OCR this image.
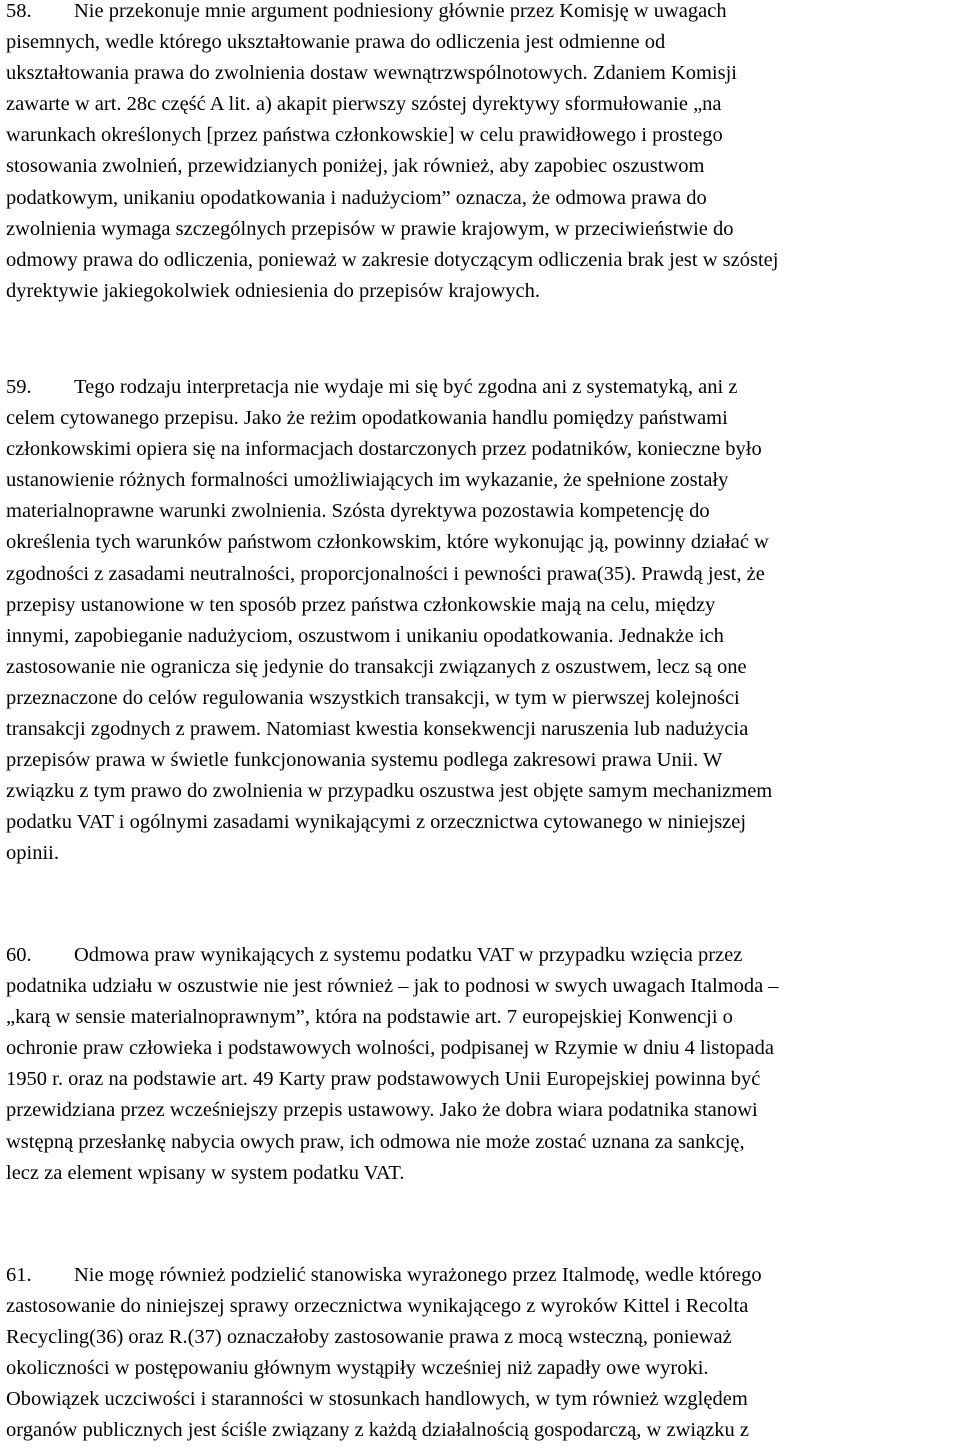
58. Nie przekonuje mnie argument podniesiony głównie przez Komisję w uwagach
pisemnych, wedle którego ukształtowanie prawa do odliczenia jest odmienne od
ukształtowania prawa do zwolnienia dostaw wewnątrzwspólnotowych. Zdaniem Komisji
zawarte w art. 28c część A lit. a) akapit pierwszy szóstej dyrektywy sformułowanie „na
warunkach określonych [przez państwa członkowskie] w celu prawidłowego i prostego
stosowania zwolnień, przewidzianych poniżej, jak również, aby zapobiec oszustwom
podatkowym, unikaniu opodatkowania i nadużyciom” oznacza, że odmowa prawa do
zwolnienia wymaga szczególnych przepisów w prawie krajowym, w przeciwieństwie do
odmowy prawa do odliczenia, ponieważ w zakresie dotyczącym odliczenia brak jest w szóstej
dyrektywie jakiegokolwiek odniesienia do przepisów krajowych.
59. Tego rodzaju interpretacja nie wydaje mi się być zgodna ani z systematyką, ani z
celem cytowanego przepisu. Jako że reżim opodatkowania handlu pomiędzy państwami
członkowskimi opiera się na informacjach dostarczonych przez podatników, konieczne było
ustanowienie różnych formalności umożliwiających im wykazanie, że spełnione zostały
materialnoprawne warunki zwolnienia. Szósta dyrektywa pozostawia kompetencję do
określenia tych warunków państwom członkowskim, które wykonując ją, powinny działać w
zgodności z zasadami neutralności, proporcjonalności i pewności prawa(35). Prawdą jest, że
przepisy ustanowione w ten sposób przez państwa członkowskie mają na celu, między
innymi, zapobieganie nadużyciom, oszustwom i unikaniu opodatkowania. Jednakże ich
zastosowanie nie ogranicza się jedynie do transakcji związanych z oszustwem, lecz są one
przeznaczone do celów regulowania wszystkich transakcji, w tym w pierwszej kolejności
transakcji zgodnych z prawem. Natomiast kwestia konsekwencji naruszenia lub nadużycia
przepisów prawa w świetle funkcjonowania systemu podlega zakresowi prawa Unii. W
związku z tym prawo do zwolnienia w przypadku oszustwa jest objęte samym mechanizmem
podatku VAT i ogólnymi zasadami wynikającymi z orzecznictwa cytowanego w niniejszej
opinii.
60. Odmowa praw wynikających z systemu podatku VAT w przypadku wzięcia przez
podatnika udziału w oszustwie nie jest również – jak to podnosi w swych uwagach Italmoda –
„karą w sensie materialnoprawnym”, która na podstawie art. 7 europejskiej Konwencji o
ochronie praw człowieka i podstawowych wolności, podpisanej w Rzymie w dniu 4 listopada
1950 r. oraz na podstawie art. 49 Karty praw podstawowych Unii Europejskiej powinna być
przewidziana przez wcześniejszy przepis ustawowy. Jako że dobra wiara podatnika stanowi
wstępną przesłankę nabycia owych praw, ich odmowa nie może zostać uznana za sankcję,
lecz za element wpisany w system podatku VAT.
61. Nie mogę również podzielić stanowiska wyrażonego przez Italmodę, wedle którego
zastosowanie do niniejszej sprawy orzecznictwa wynikającego z wyroków Kittel i Recolta
Recycling(36) oraz R.(37) oznaczałoby zastosowanie prawa z mocą wsteczną, ponieważ
okoliczności w postępowaniu głównym wystąpiły wcześniej niż zapadły owe wyroki.
Obowiązek uczciwości i staranności w stosunkach handlowych, w tym również względem
organów publicznych jest ściśle związany z każdą działalnością gospodarczą, w związku z
